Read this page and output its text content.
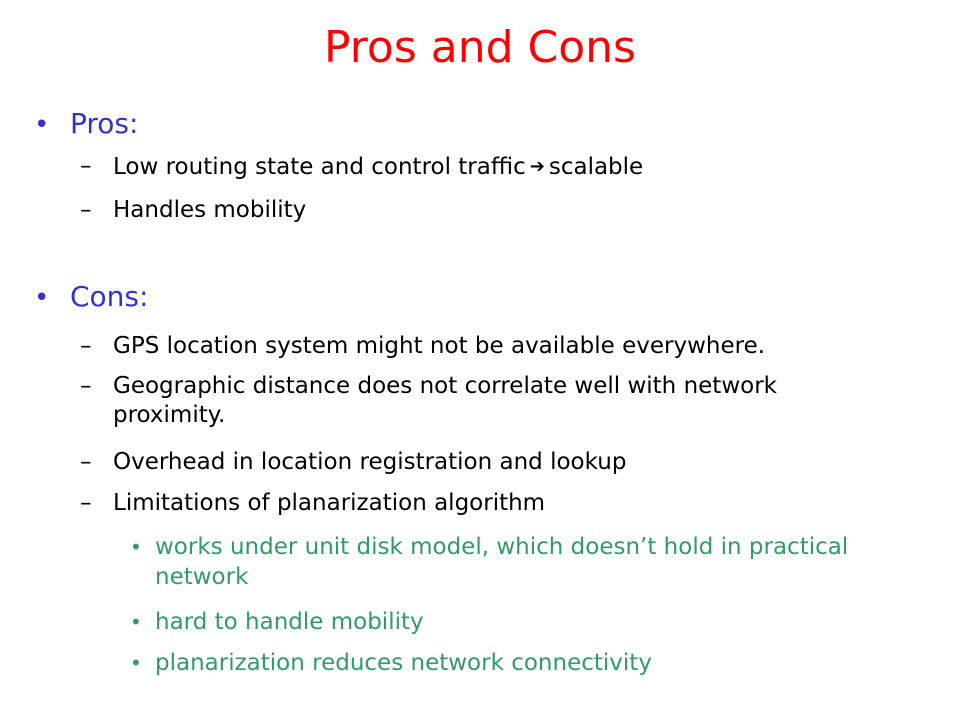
Pros and Cons
• Pros:
– Low routing state and control traffic ➔ scalable
– Handles mobility
• Cons:
– GPS location system might not be available everywhere.
– Geographic distance does not correlate well with network proximity.
– Overhead in location registration and lookup
– Limitations of planarization algorithm
• works under unit disk model, which doesn’t hold in practical network
• hard to handle mobility
• planarization reduces network connectivity
